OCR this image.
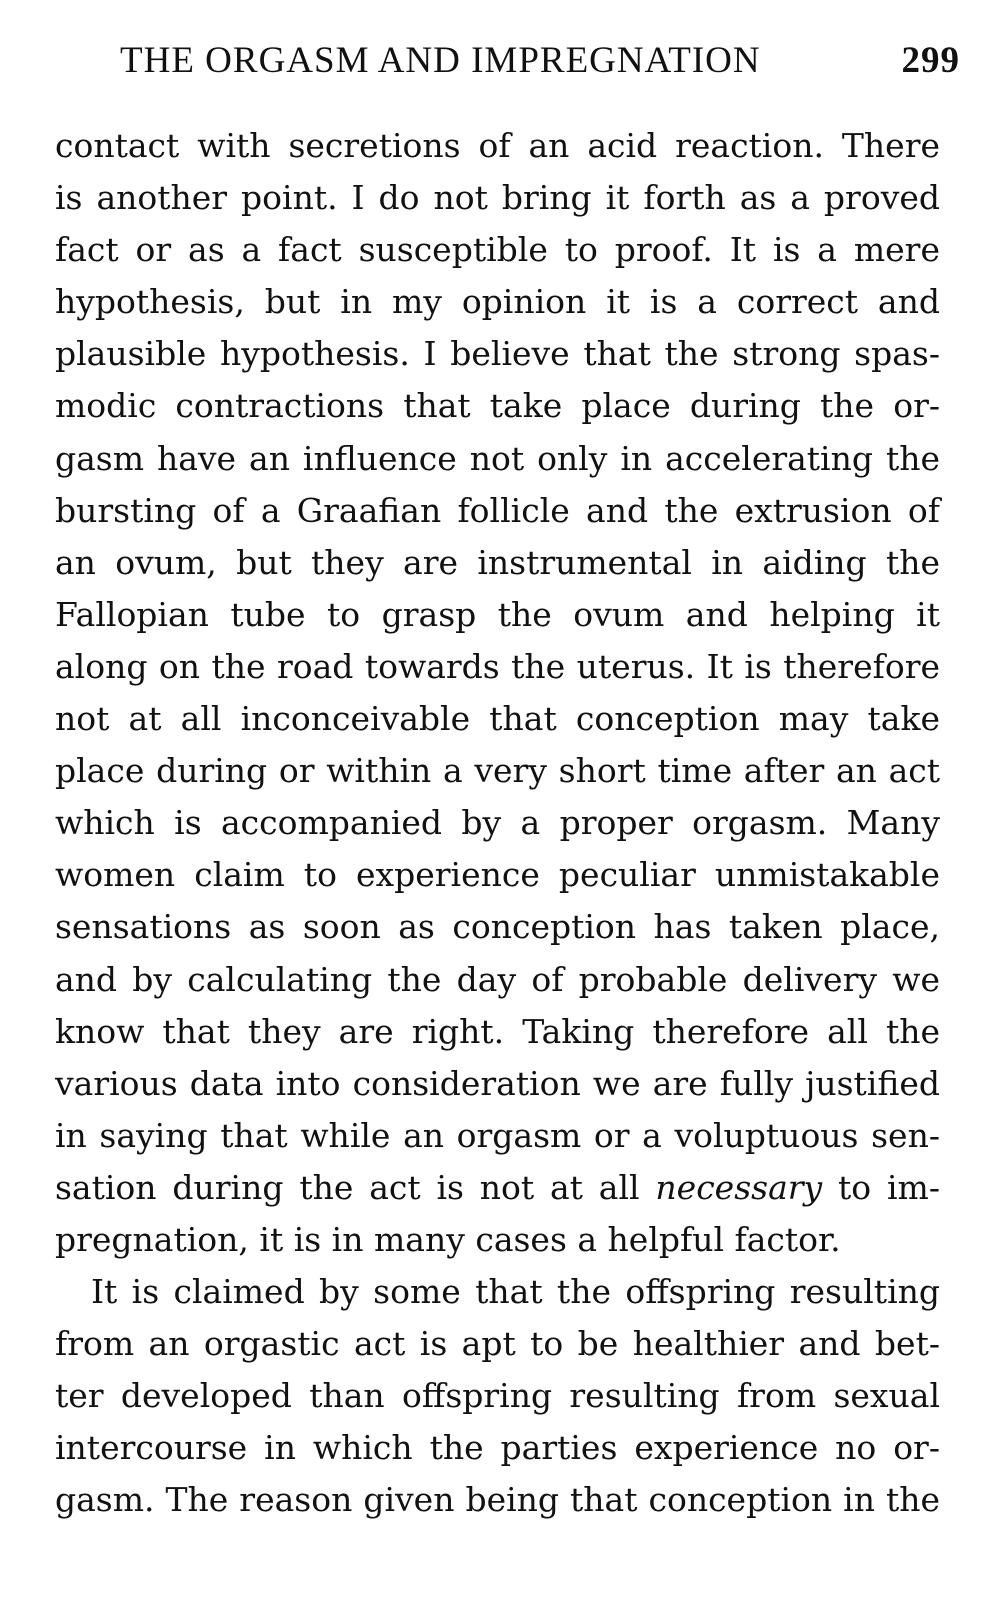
THE ORGASM AND IMPREGNATION	299
contact with secretions of an acid reaction. There
is another point. I do not bring it forth as a proved
fact or as a fact susceptible to proof. It is a mere
hypothesis, but in my opinion it is a correct and
plausible hypothesis. I believe that the strong spas-
modic contractions that take place during the or-
gasm have an influence not only in accelerating the
bursting of a Graafian follicle and the extrusion of
an ovum, but they are instrumental in aiding the
Fallopian tube to grasp the ovum and helping it
along on the road towards the uterus. It is therefore
not at all inconceivable that conception may take
place during or within a very short time after an act
which is accompanied by a proper orgasm. Many
women claim to experience peculiar unmistakable
sensations as soon as conception has taken place,
and by calculating the day of probable delivery we
know that they are right. Taking therefore all the
various data into consideration we are fully justified
in saying that while an orgasm or a voluptuous sen-
sation during the act is not at all necessary to im-
pregnation, it is in many cases a helpful factor.
It is claimed by some that the offspring resulting
from an orgastic act is apt to be healthier and bet-
ter developed than offspring resulting from sexual
intercourse in which the parties experience no or-
gasm. The reason given being that conception in the
